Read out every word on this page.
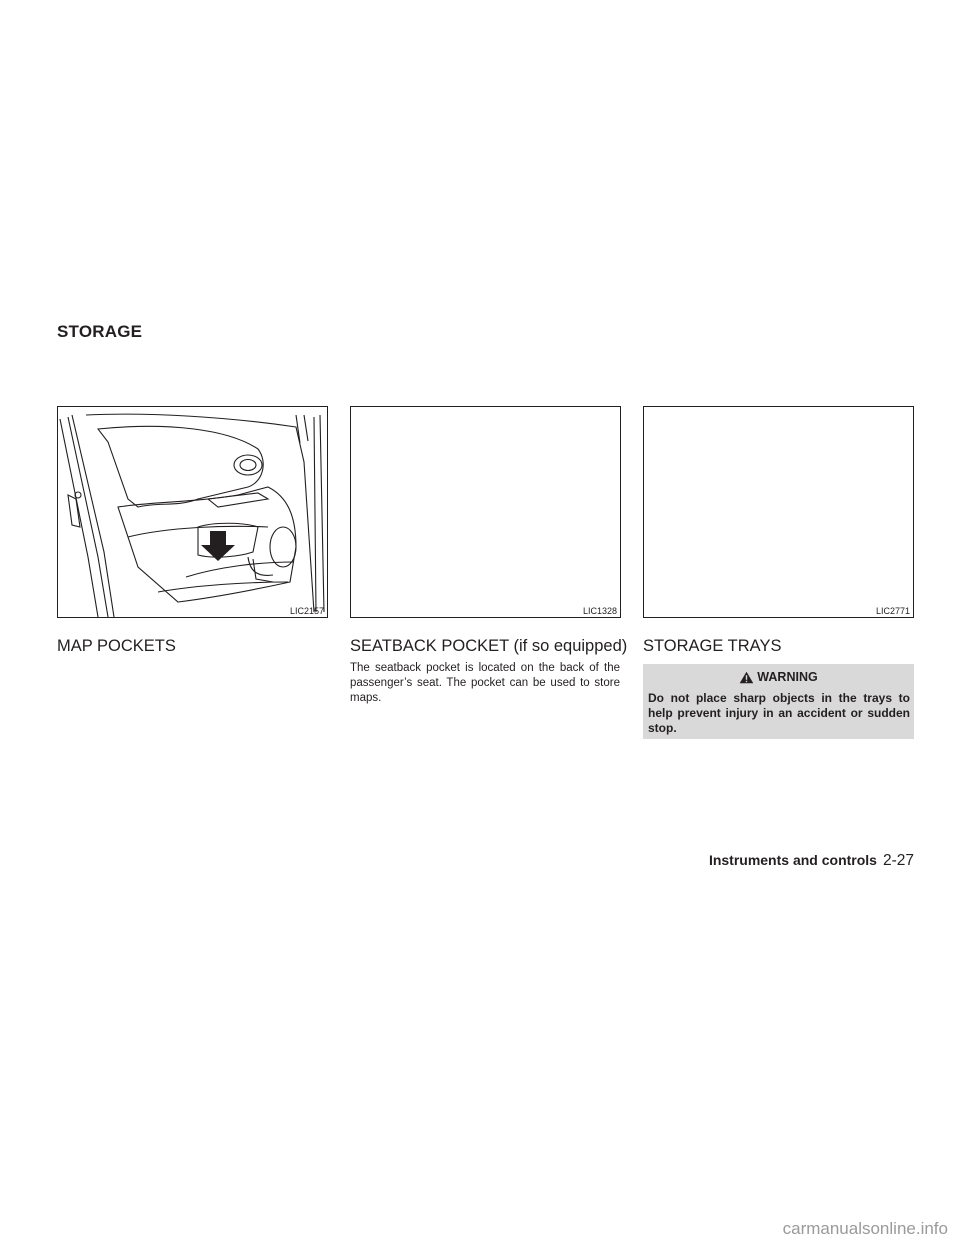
STORAGE
LIC2157	LIC1328	LIC2771
MAP POCKETS	SEATBACK POCKET (if so equipped) STORAGE TRAYS

The seatback pocket is located on the back of the passenger’s seat. The pocket can be used to store maps.

WARNING
Do not place sharp objects in the trays to help prevent injury in an accident or sudden stop.
Instruments and controls 2-27
carmanualsonline.info
